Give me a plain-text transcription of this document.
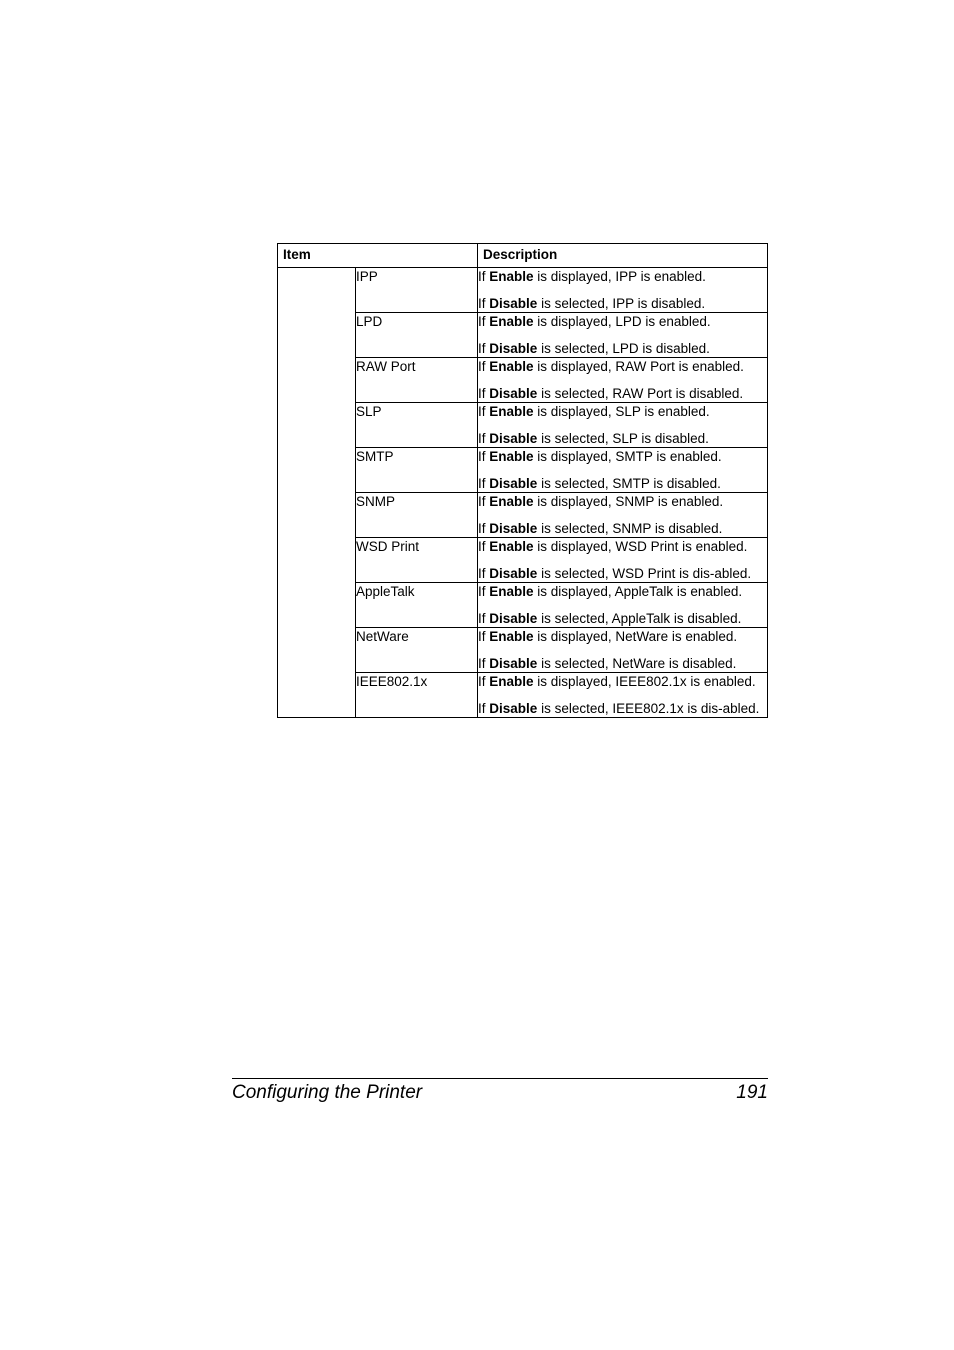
Item		Description
	IPP	If Enable is displayed, IPP is enabled.

If Disable is selected, IPP is disabled.

	LPD	If Enable is displayed, LPD is enabled.

If Disable is selected, LPD is disabled.

	RAW Port	If Enable is displayed, RAW Port is enabled.

If Disable is selected, RAW Port is disabled.

	SLP	If Enable is displayed, SLP is enabled.

If Disable is selected, SLP is disabled.

	SMTP	If Enable is displayed, SMTP is enabled.

If Disable is selected, SMTP is disabled.

	SNMP	If Enable is displayed, SNMP is enabled.

If Disable is selected, SNMP is disabled.

	WSD Print	If Enable is displayed, WSD Print is enabled.

If Disable is selected, WSD Print is dis-abled.

	AppleTalk	If Enable is displayed, AppleTalk is enabled.

If Disable is selected, AppleTalk is disabled.

	NetWare	If Enable is displayed, NetWare is enabled.

If Disable is selected, NetWare is disabled.

	IEEE802.1x	If Enable is displayed, IEEE802.1x is enabled.

If Disable is selected, IEEE802.1x is dis-abled.

Configuring the Printer	191
